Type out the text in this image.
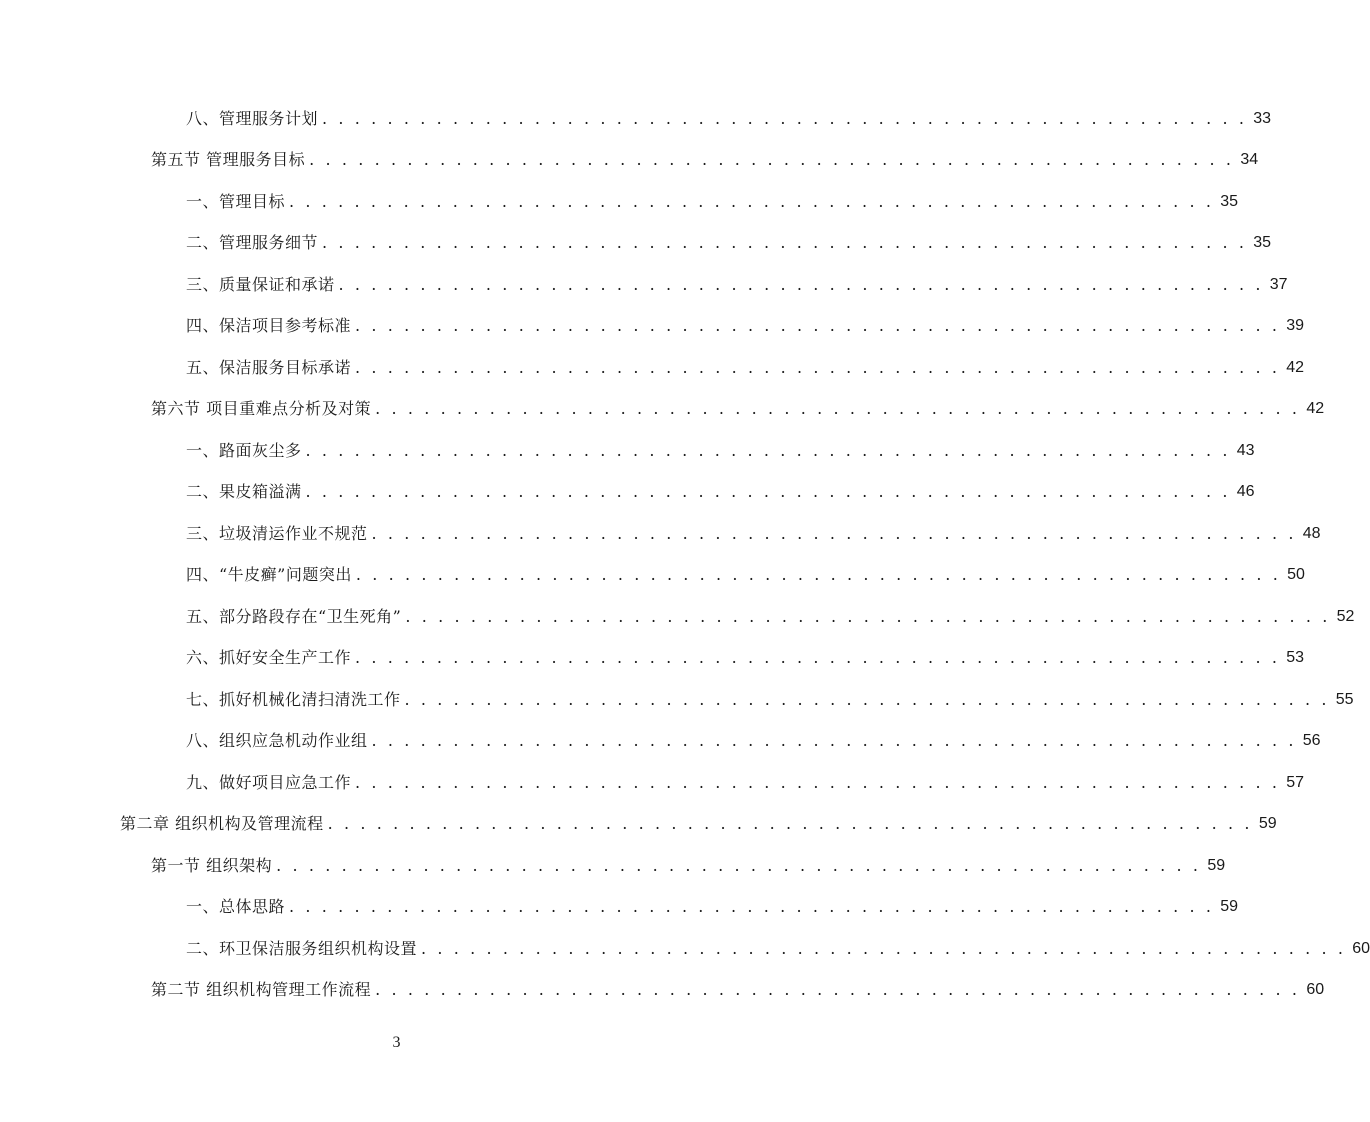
八、管理服务计划 . . . . . . . . . . . . . . . . . . . . . . . . . . . . . . . . . . . . . . . . . . . . . . . . . . . . . . . . . 33
第五节 管理服务目标 . . . . . . . . . . . . . . . . . . . . . . . . . . . . . . . . . . . . . . . . . . . . . . . . . . . . . . . . . 34
一、管理目标 . . . . . . . . . . . . . . . . . . . . . . . . . . . . . . . . . . . . . . . . . . . . . . . . . . . . . . . . . 35
二、管理服务细节 . . . . . . . . . . . . . . . . . . . . . . . . . . . . . . . . . . . . . . . . . . . . . . . . . . . . . . . . . 35
三、质量保证和承诺 . . . . . . . . . . . . . . . . . . . . . . . . . . . . . . . . . . . . . . . . . . . . . . . . . . . . . . . . . 37
四、保洁项目参考标准 . . . . . . . . . . . . . . . . . . . . . . . . . . . . . . . . . . . . . . . . . . . . . . . . . . . . . . . . . 39
五、保洁服务目标承诺 . . . . . . . . . . . . . . . . . . . . . . . . . . . . . . . . . . . . . . . . . . . . . . . . . . . . . . . . . 42
第六节 项目重难点分析及对策 . . . . . . . . . . . . . . . . . . . . . . . . . . . . . . . . . . . . . . . . . . . . . . . . . . . . . . . . . 42
一、路面灰尘多 . . . . . . . . . . . . . . . . . . . . . . . . . . . . . . . . . . . . . . . . . . . . . . . . . . . . . . . . . 43
二、果皮箱溢满 . . . . . . . . . . . . . . . . . . . . . . . . . . . . . . . . . . . . . . . . . . . . . . . . . . . . . . . . . 46
三、垃圾清运作业不规范 . . . . . . . . . . . . . . . . . . . . . . . . . . . . . . . . . . . . . . . . . . . . . . . . . . . . . . . . . 48
四、“牛皮癣”问题突出 . . . . . . . . . . . . . . . . . . . . . . . . . . . . . . . . . . . . . . . . . . . . . . . . . . . . . . . . . 50
五、部分路段存在“卫生死角” . . . . . . . . . . . . . . . . . . . . . . . . . . . . . . . . . . . . . . . . . . . . . . . . . . . . . . . . . 52
六、抓好安全生产工作 . . . . . . . . . . . . . . . . . . . . . . . . . . . . . . . . . . . . . . . . . . . . . . . . . . . . . . . . . 53
七、抓好机械化清扫清洗工作 . . . . . . . . . . . . . . . . . . . . . . . . . . . . . . . . . . . . . . . . . . . . . . . . . . . . . . . . . 55
八、组织应急机动作业组 . . . . . . . . . . . . . . . . . . . . . . . . . . . . . . . . . . . . . . . . . . . . . . . . . . . . . . . . . 56
九、做好项目应急工作 . . . . . . . . . . . . . . . . . . . . . . . . . . . . . . . . . . . . . . . . . . . . . . . . . . . . . . . . . 57
第二章 组织机构及管理流程 . . . . . . . . . . . . . . . . . . . . . . . . . . . . . . . . . . . . . . . . . . . . . . . . . . . . . . . . . 59
第一节 组织架构 . . . . . . . . . . . . . . . . . . . . . . . . . . . . . . . . . . . . . . . . . . . . . . . . . . . . . . . . . 59
一、总体思路 . . . . . . . . . . . . . . . . . . . . . . . . . . . . . . . . . . . . . . . . . . . . . . . . . . . . . . . . . 59
二、环卫保洁服务组织机构设置 . . . . . . . . . . . . . . . . . . . . . . . . . . . . . . . . . . . . . . . . . . . . . . . . . . . . . . . . . 60
第二节 组织机构管理工作流程 . . . . . . . . . . . . . . . . . . . . . . . . . . . . . . . . . . . . . . . . . . . . . . . . . . . . . . . . . 60
3
